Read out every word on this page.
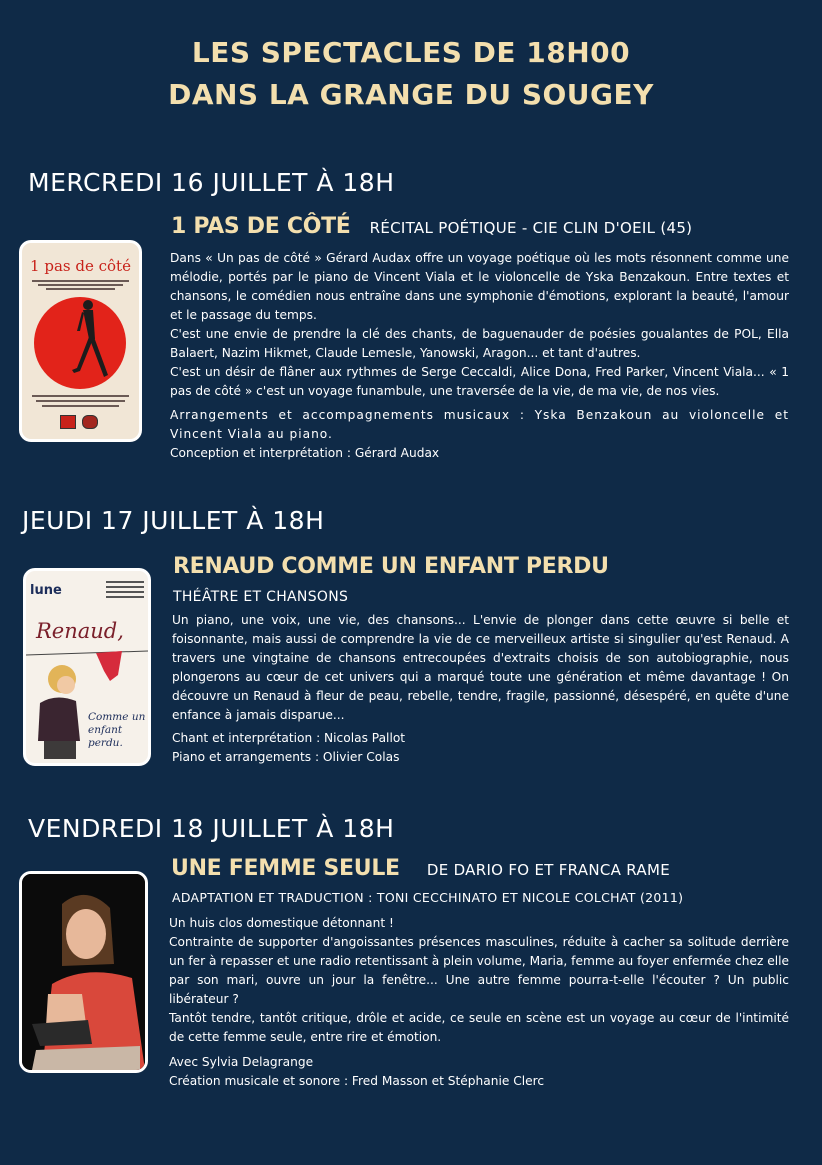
LES SPECTACLES DE 18H00
DANS LA GRANGE DU SOUGEY
MERCREDI 16 JUILLET À 18H
1 pas de côté
1 PAS DE CÔTÉ RÉCITAL POÉTIQUE - CIE CLIN D'OEIL (45)

Dans « Un pas de côté » Gérard Audax offre un voyage poétique où les mots résonnent comme une mélodie, portés par le piano de Vincent Viala et le violoncelle de Yska Benzakoun. Entre textes et chansons, le comédien nous entraîne dans une symphonie d'émotions, explorant la beauté, l'amour et le passage du temps.

C'est une envie de prendre la clé des chants, de baguenauder de poésies goualantes de POL, Ella Balaert, Nazim Hikmet, Claude Lemesle, Yanowski, Aragon... et tant d'autres.

C'est un désir de flâner aux rythmes de Serge Ceccaldi, Alice Dona, Fred Parker, Vincent Viala... « 1 pas de côté » c'est un voyage funambule, une traversée de la vie, de ma vie, de nos vies.

Arrangements et accompagnements musicaux : Yska Benzakoun au violoncelle et Vincent Viala au piano.

Conception et interprétation : Gérard Audax

JEUDI 17 JUILLET À 18H
lune
Renaud,
Comme un enfant perdu.
RENAUD COMME UN ENFANT PERDU
THÉÂTRE ET CHANSONS

Un piano, une voix, une vie, des chansons... L'envie de plonger dans cette œuvre si belle et foisonnante, mais aussi de comprendre la vie de ce merveilleux artiste si singulier qu'est Renaud. A travers une vingtaine de chansons entrecoupées d'extraits choisis de son autobiographie, nous plongerons au cœur de cet univers qui a marqué toute une génération et même davantage ! On découvre un Renaud à fleur de peau, rebelle, tendre, fragile, passionné, désespéré, en quête d'une enfance à jamais disparue...

Chant et interprétation : Nicolas Pallot

Piano et arrangements : Olivier Colas

VENDREDI 18 JUILLET À 18H
UNE FEMME SEULE DE DARIO FO ET FRANCA RAME
ADAPTATION ET TRADUCTION : TONI CECCHINATO ET NICOLE COLCHAT (2011)

Un huis clos domestique détonnant !

Contrainte de supporter d'angoissantes présences masculines, réduite à cacher sa solitude derrière un fer à repasser et une radio retentissant à plein volume, Maria, femme au foyer enfermée chez elle par son mari, ouvre un jour la fenêtre... Une autre femme pourra-t-elle l'écouter ? Un public libérateur ?

Tantôt tendre, tantôt critique, drôle et acide, ce seule en scène est un voyage au cœur de l'intimité de cette femme seule, entre rire et émotion.

Avec Sylvia Delagrange

Création musicale et sonore : Fred Masson et Stéphanie Clerc
